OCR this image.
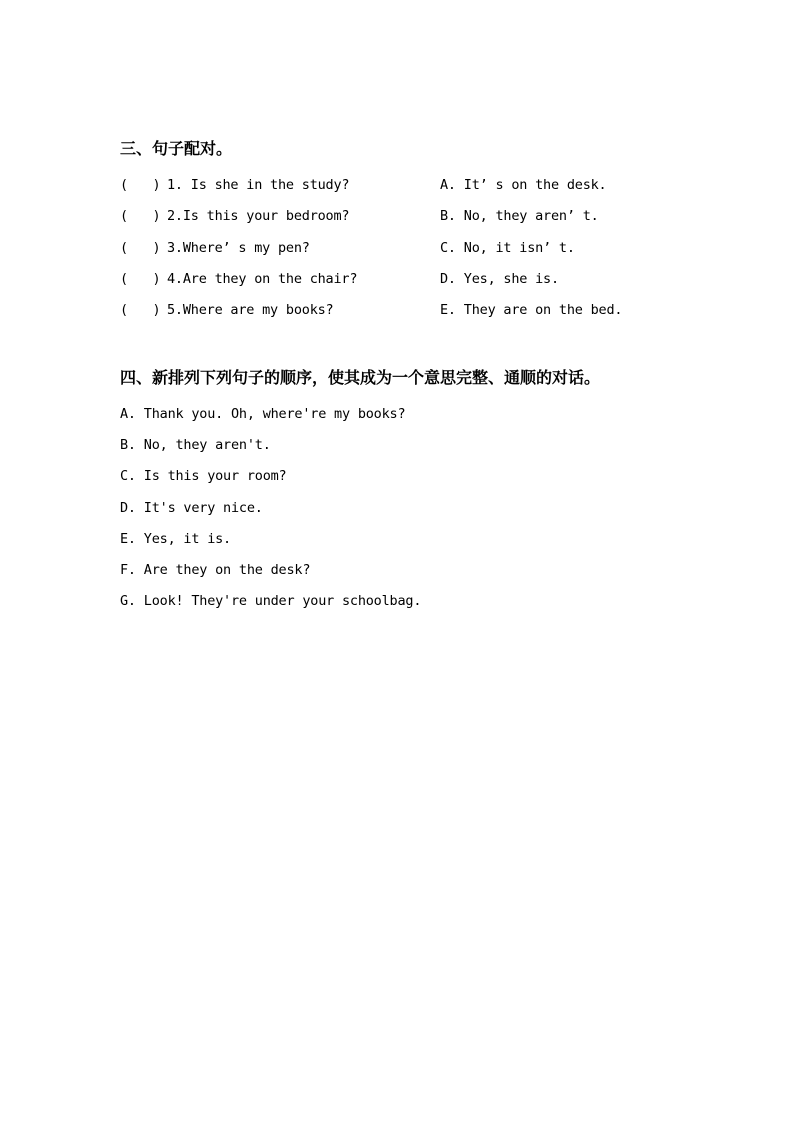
三、句子配对。
(   ) 1. Is she in the study?	A. It’ s on the desk.
(   ) 2.Is this your bedroom?	B. No, they aren’ t.
(   ) 3.Where’ s my pen?	C. No, it isn’ t.
(   ) 4.Are they on the chair?	D. Yes, she is.
(   ) 5.Where are my books?	E. They are on the bed.
四、新排列下列句子的顺序，使其成为一个意思完整、通顺的对话。
A. Thank you. Oh, where're my books?
B. No, they aren't.
C. Is this your room?
D. It's very nice.
E. Yes, it is.
F. Are they on the desk?
G. Look! They're under your schoolbag.
